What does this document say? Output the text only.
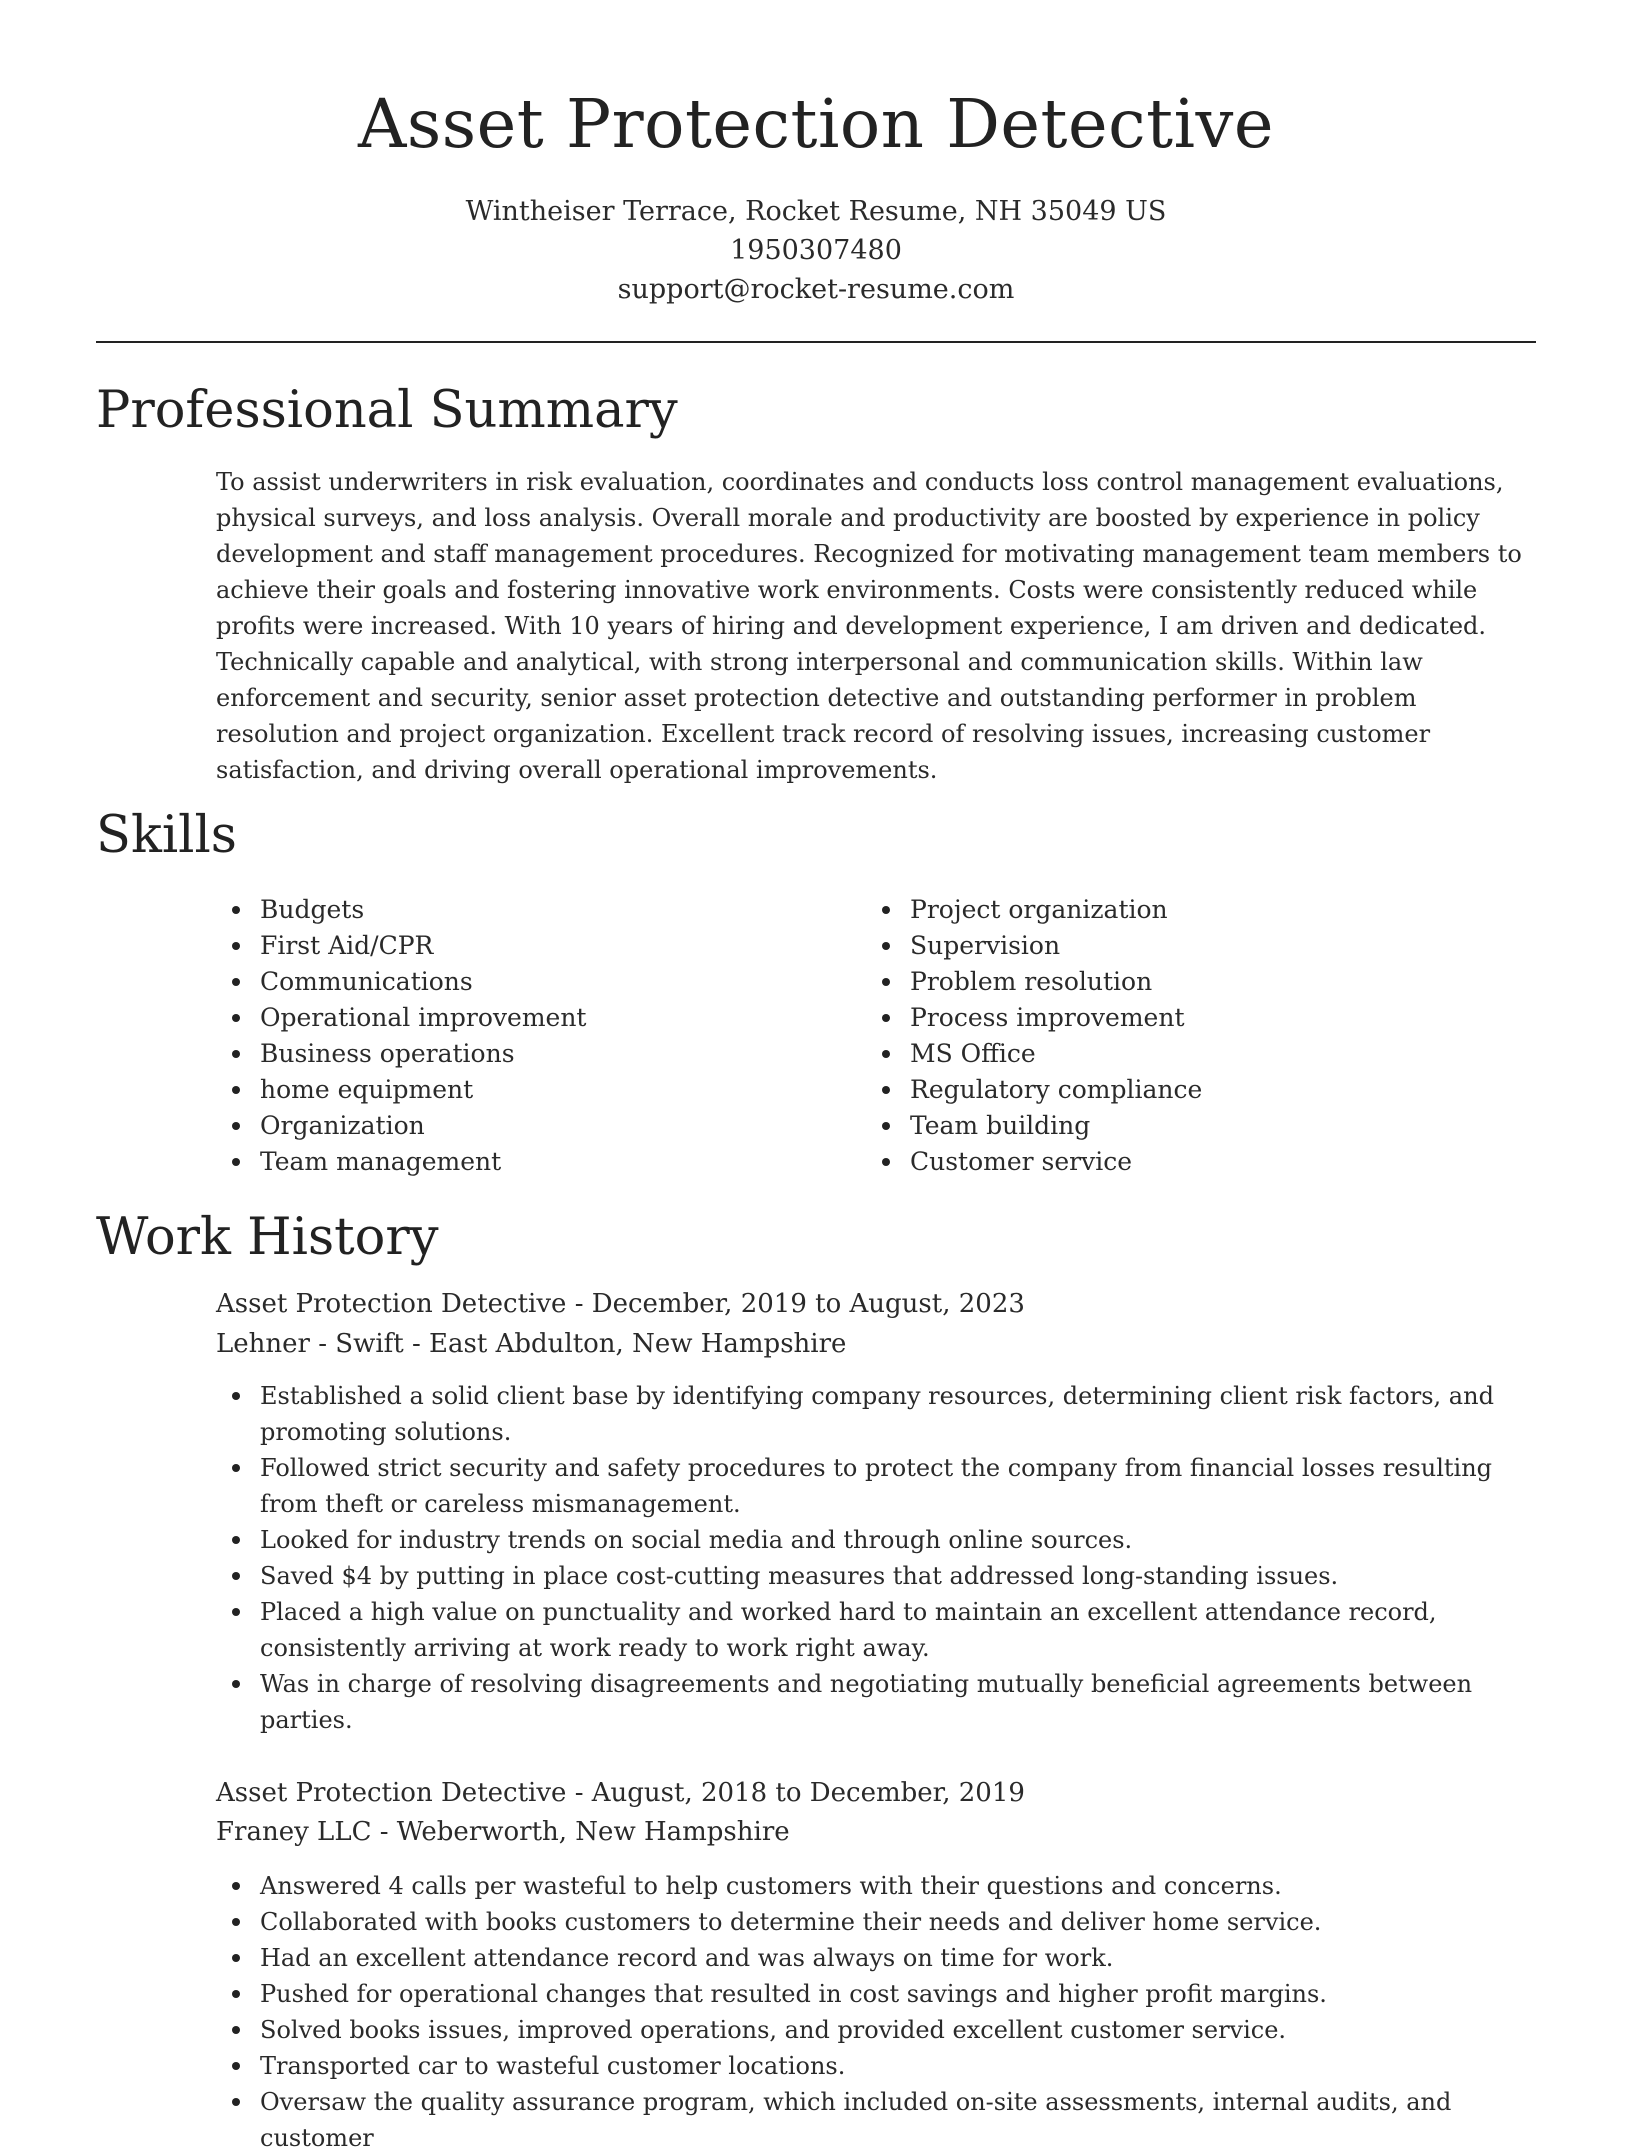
Asset Protection Detective
Wintheiser Terrace, Rocket Resume, NH 35049 US
1950307480
support@rocket-resume.com
Professional Summary

To assist underwriters in risk evaluation, coordinates and conducts loss control management evaluations, physical surveys, and loss analysis. Overall morale and productivity are boosted by experience in policy development and staff management procedures. Recognized for motivating management team members to achieve their goals and fostering innovative work environments. Costs were consistently reduced while profits were increased. With 10 years of hiring and development experience, I am driven and dedicated. Technically capable and analytical, with strong interpersonal and communication skills. Within law enforcement and security, senior asset protection detective and outstanding performer in problem resolution and project organization. Excellent track record of resolving issues, increasing customer satisfaction, and driving overall operational improvements.

Skills
Budgets
First Aid/CPR
Communications
Operational improvement
Business operations
home equipment
Organization
Team management
Project organization
Supervision
Problem resolution
Process improvement
MS Office
Regulatory compliance
Team building
Customer service
Work History
Asset Protection Detective - December, 2019 to August, 2023
Lehner - Swift - East Abdulton, New Hampshire
Established a solid client base by identifying company resources, determining client risk factors, and promoting solutions.
Followed strict security and safety procedures to protect the company from financial losses resulting from theft or careless mismanagement.
Looked for industry trends on social media and through online sources.
Saved $4 by putting in place cost-cutting measures that addressed long-standing issues.
Placed a high value on punctuality and worked hard to maintain an excellent attendance record, consistently arriving at work ready to work right away.
Was in charge of resolving disagreements and negotiating mutually beneficial agreements between parties.
Asset Protection Detective - August, 2018 to December, 2019
Franey LLC - Weberworth, New Hampshire
Answered 4 calls per wasteful to help customers with their questions and concerns.
Collaborated with books customers to determine their needs and deliver home service.
Had an excellent attendance record and was always on time for work.
Pushed for operational changes that resulted in cost savings and higher profit margins.
Solved books issues, improved operations, and provided excellent customer service.
Transported car to wasteful customer locations.
Oversaw the quality assurance program, which included on-site assessments, internal audits, and customer
